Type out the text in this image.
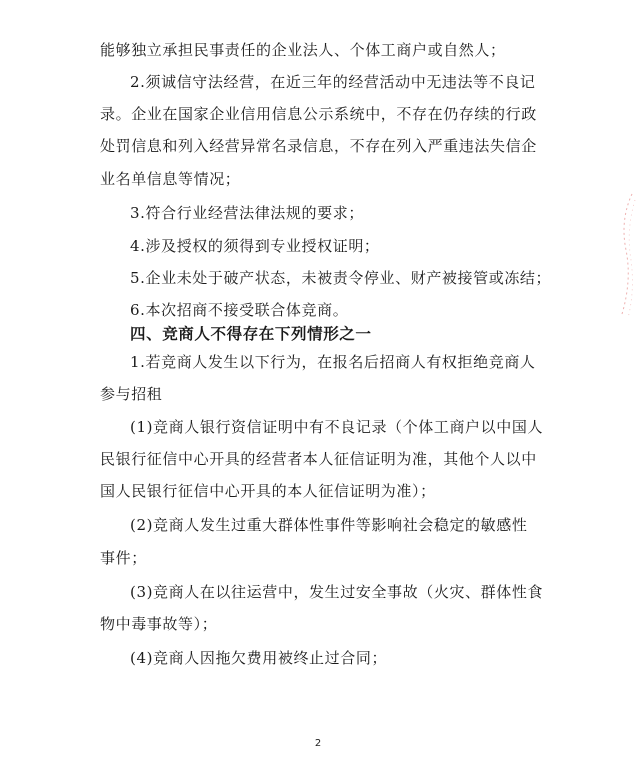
能够独立承担民事责任的企业法人、个体工商户或自然人；
2.须诚信守法经营，在近三年的经营活动中无违法等不良记
录。企业在国家企业信用信息公示系统中，不存在仍存续的行政
处罚信息和列入经营异常名录信息，不存在列入严重违法失信企
业名单信息等情况；
3.符合行业经营法律法规的要求；
4.涉及授权的须得到专业授权证明；
5.企业未处于破产状态，未被责令停业、财产被接管或冻结；
6.本次招商不接受联合体竞商。
四、竞商人不得存在下列情形之一
1.若竞商人发生以下行为，在报名后招商人有权拒绝竞商人
参与招租
(1)竞商人银行资信证明中有不良记录（个体工商户以中国人
民银行征信中心开具的经营者本人征信证明为准，其他个人以中
国人民银行征信中心开具的本人征信证明为准）；
(2)竞商人发生过重大群体性事件等影响社会稳定的敏感性
事件；
(3)竞商人在以往运营中，发生过安全事故（火灾、群体性食
物中毒事故等）；
(4)竞商人因拖欠费用被终止过合同；
2
